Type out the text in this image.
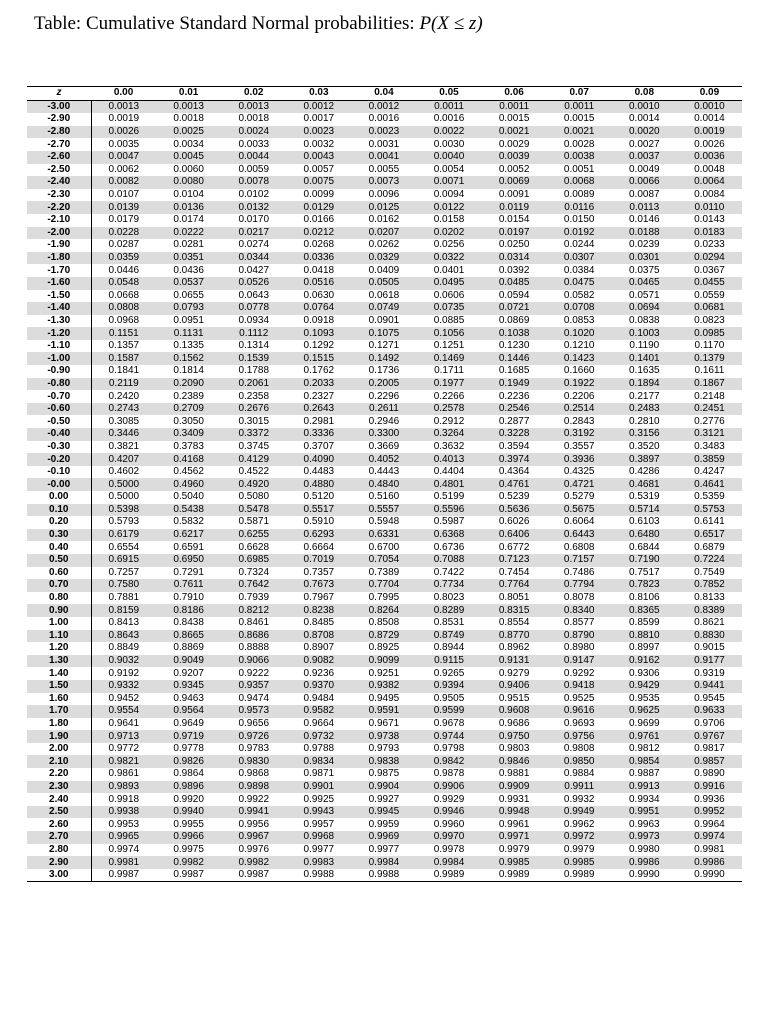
Table: Cumulative Standard Normal probabilities: P(X ≤ z)
z	0.00	0.01	0.02	0.03	0.04	0.05	0.06	0.07	0.08	0.09
-3.00	0.0013	0.0013	0.0013	0.0012	0.0012	0.0011	0.0011	0.0011	0.0010	0.0010
-2.90	0.0019	0.0018	0.0018	0.0017	0.0016	0.0016	0.0015	0.0015	0.0014	0.0014
-2.80	0.0026	0.0025	0.0024	0.0023	0.0023	0.0022	0.0021	0.0021	0.0020	0.0019
-2.70	0.0035	0.0034	0.0033	0.0032	0.0031	0.0030	0.0029	0.0028	0.0027	0.0026
-2.60	0.0047	0.0045	0.0044	0.0043	0.0041	0.0040	0.0039	0.0038	0.0037	0.0036
-2.50	0.0062	0.0060	0.0059	0.0057	0.0055	0.0054	0.0052	0.0051	0.0049	0.0048
-2.40	0.0082	0.0080	0.0078	0.0075	0.0073	0.0071	0.0069	0.0068	0.0066	0.0064
-2.30	0.0107	0.0104	0.0102	0.0099	0.0096	0.0094	0.0091	0.0089	0.0087	0.0084
-2.20	0.0139	0.0136	0.0132	0.0129	0.0125	0.0122	0.0119	0.0116	0.0113	0.0110
-2.10	0.0179	0.0174	0.0170	0.0166	0.0162	0.0158	0.0154	0.0150	0.0146	0.0143
-2.00	0.0228	0.0222	0.0217	0.0212	0.0207	0.0202	0.0197	0.0192	0.0188	0.0183
-1.90	0.0287	0.0281	0.0274	0.0268	0.0262	0.0256	0.0250	0.0244	0.0239	0.0233
-1.80	0.0359	0.0351	0.0344	0.0336	0.0329	0.0322	0.0314	0.0307	0.0301	0.0294
-1.70	0.0446	0.0436	0.0427	0.0418	0.0409	0.0401	0.0392	0.0384	0.0375	0.0367
-1.60	0.0548	0.0537	0.0526	0.0516	0.0505	0.0495	0.0485	0.0475	0.0465	0.0455
-1.50	0.0668	0.0655	0.0643	0.0630	0.0618	0.0606	0.0594	0.0582	0.0571	0.0559
-1.40	0.0808	0.0793	0.0778	0.0764	0.0749	0.0735	0.0721	0.0708	0.0694	0.0681
-1.30	0.0968	0.0951	0.0934	0.0918	0.0901	0.0885	0.0869	0.0853	0.0838	0.0823
-1.20	0.1151	0.1131	0.1112	0.1093	0.1075	0.1056	0.1038	0.1020	0.1003	0.0985
-1.10	0.1357	0.1335	0.1314	0.1292	0.1271	0.1251	0.1230	0.1210	0.1190	0.1170
-1.00	0.1587	0.1562	0.1539	0.1515	0.1492	0.1469	0.1446	0.1423	0.1401	0.1379
-0.90	0.1841	0.1814	0.1788	0.1762	0.1736	0.1711	0.1685	0.1660	0.1635	0.1611
-0.80	0.2119	0.2090	0.2061	0.2033	0.2005	0.1977	0.1949	0.1922	0.1894	0.1867
-0.70	0.2420	0.2389	0.2358	0.2327	0.2296	0.2266	0.2236	0.2206	0.2177	0.2148
-0.60	0.2743	0.2709	0.2676	0.2643	0.2611	0.2578	0.2546	0.2514	0.2483	0.2451
-0.50	0.3085	0.3050	0.3015	0.2981	0.2946	0.2912	0.2877	0.2843	0.2810	0.2776
-0.40	0.3446	0.3409	0.3372	0.3336	0.3300	0.3264	0.3228	0.3192	0.3156	0.3121
-0.30	0.3821	0.3783	0.3745	0.3707	0.3669	0.3632	0.3594	0.3557	0.3520	0.3483
-0.20	0.4207	0.4168	0.4129	0.4090	0.4052	0.4013	0.3974	0.3936	0.3897	0.3859
-0.10	0.4602	0.4562	0.4522	0.4483	0.4443	0.4404	0.4364	0.4325	0.4286	0.4247
-0.00	0.5000	0.4960	0.4920	0.4880	0.4840	0.4801	0.4761	0.4721	0.4681	0.4641
0.00	0.5000	0.5040	0.5080	0.5120	0.5160	0.5199	0.5239	0.5279	0.5319	0.5359
0.10	0.5398	0.5438	0.5478	0.5517	0.5557	0.5596	0.5636	0.5675	0.5714	0.5753
0.20	0.5793	0.5832	0.5871	0.5910	0.5948	0.5987	0.6026	0.6064	0.6103	0.6141
0.30	0.6179	0.6217	0.6255	0.6293	0.6331	0.6368	0.6406	0.6443	0.6480	0.6517
0.40	0.6554	0.6591	0.6628	0.6664	0.6700	0.6736	0.6772	0.6808	0.6844	0.6879
0.50	0.6915	0.6950	0.6985	0.7019	0.7054	0.7088	0.7123	0.7157	0.7190	0.7224
0.60	0.7257	0.7291	0.7324	0.7357	0.7389	0.7422	0.7454	0.7486	0.7517	0.7549
0.70	0.7580	0.7611	0.7642	0.7673	0.7704	0.7734	0.7764	0.7794	0.7823	0.7852
0.80	0.7881	0.7910	0.7939	0.7967	0.7995	0.8023	0.8051	0.8078	0.8106	0.8133
0.90	0.8159	0.8186	0.8212	0.8238	0.8264	0.8289	0.8315	0.8340	0.8365	0.8389
1.00	0.8413	0.8438	0.8461	0.8485	0.8508	0.8531	0.8554	0.8577	0.8599	0.8621
1.10	0.8643	0.8665	0.8686	0.8708	0.8729	0.8749	0.8770	0.8790	0.8810	0.8830
1.20	0.8849	0.8869	0.8888	0.8907	0.8925	0.8944	0.8962	0.8980	0.8997	0.9015
1.30	0.9032	0.9049	0.9066	0.9082	0.9099	0.9115	0.9131	0.9147	0.9162	0.9177
1.40	0.9192	0.9207	0.9222	0.9236	0.9251	0.9265	0.9279	0.9292	0.9306	0.9319
1.50	0.9332	0.9345	0.9357	0.9370	0.9382	0.9394	0.9406	0.9418	0.9429	0.9441
1.60	0.9452	0.9463	0.9474	0.9484	0.9495	0.9505	0.9515	0.9525	0.9535	0.9545
1.70	0.9554	0.9564	0.9573	0.9582	0.9591	0.9599	0.9608	0.9616	0.9625	0.9633
1.80	0.9641	0.9649	0.9656	0.9664	0.9671	0.9678	0.9686	0.9693	0.9699	0.9706
1.90	0.9713	0.9719	0.9726	0.9732	0.9738	0.9744	0.9750	0.9756	0.9761	0.9767
2.00	0.9772	0.9778	0.9783	0.9788	0.9793	0.9798	0.9803	0.9808	0.9812	0.9817
2.10	0.9821	0.9826	0.9830	0.9834	0.9838	0.9842	0.9846	0.9850	0.9854	0.9857
2.20	0.9861	0.9864	0.9868	0.9871	0.9875	0.9878	0.9881	0.9884	0.9887	0.9890
2.30	0.9893	0.9896	0.9898	0.9901	0.9904	0.9906	0.9909	0.9911	0.9913	0.9916
2.40	0.9918	0.9920	0.9922	0.9925	0.9927	0.9929	0.9931	0.9932	0.9934	0.9936
2.50	0.9938	0.9940	0.9941	0.9943	0.9945	0.9946	0.9948	0.9949	0.9951	0.9952
2.60	0.9953	0.9955	0.9956	0.9957	0.9959	0.9960	0.9961	0.9962	0.9963	0.9964
2.70	0.9965	0.9966	0.9967	0.9968	0.9969	0.9970	0.9971	0.9972	0.9973	0.9974
2.80	0.9974	0.9975	0.9976	0.9977	0.9977	0.9978	0.9979	0.9979	0.9980	0.9981
2.90	0.9981	0.9982	0.9982	0.9983	0.9984	0.9984	0.9985	0.9985	0.9986	0.9986
3.00	0.9987	0.9987	0.9987	0.9988	0.9988	0.9989	0.9989	0.9989	0.9990	0.9990
